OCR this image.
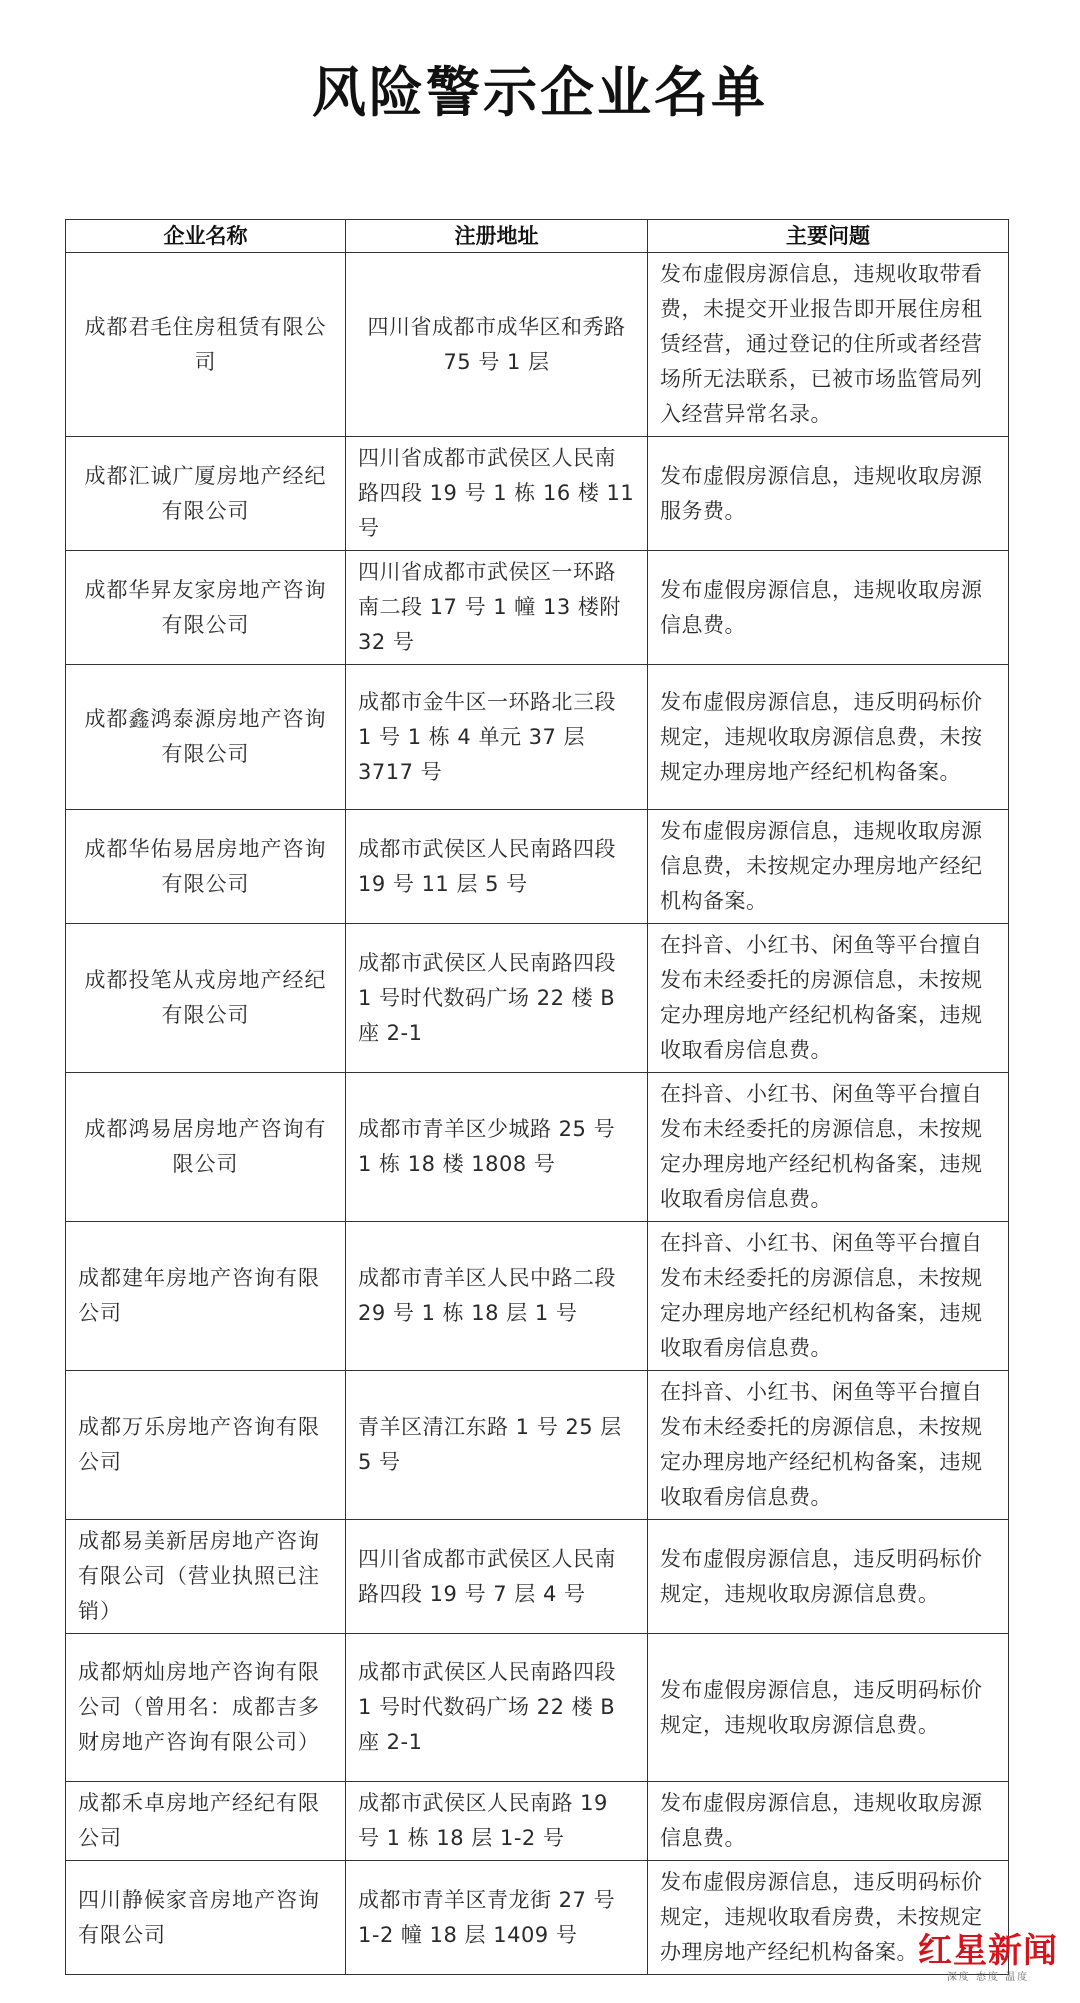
风险警示企业名单
企业名称	注册地址	主要问题
成都君毛住房租赁有限公司	四川省成都市成华区和秀路 75 号 1 层	发布虚假房源信息，违规收取带看费，未提交开业报告即开展住房租赁经营，通过登记的住所或者经营场所无法联系，已被市场监管局列入经营异常名录。
成都汇诚广厦房地产经纪有限公司	四川省成都市武侯区人民南路四段 19 号 1 栋 16 楼 11 号	发布虚假房源信息，违规收取房源服务费。
成都华昇友家房地产咨询有限公司	四川省成都市武侯区一环路南二段 17 号 1 幢 13 楼附 32 号	发布虚假房源信息，违规收取房源信息费。
成都鑫鸿泰源房地产咨询有限公司	成都市金牛区一环路北三段 1 号 1 栋 4 单元 37 层 3717 号	发布虚假房源信息，违反明码标价规定，违规收取房源信息费，未按规定办理房地产经纪机构备案。
成都华佑易居房地产咨询有限公司	成都市武侯区人民南路四段 19 号 11 层 5 号	发布虚假房源信息，违规收取房源信息费，未按规定办理房地产经纪机构备案。
成都投笔从戎房地产经纪有限公司	成都市武侯区人民南路四段 1 号时代数码广场 22 楼 B 座 2-1	在抖音、小红书、闲鱼等平台擅自发布未经委托的房源信息，未按规定办理房地产经纪机构备案，违规收取看房信息费。
成都鸿易居房地产咨询有限公司	成都市青羊区少城路 25 号 1 栋 18 楼 1808 号	在抖音、小红书、闲鱼等平台擅自发布未经委托的房源信息，未按规定办理房地产经纪机构备案，违规收取看房信息费。
成都建年房地产咨询有限公司	成都市青羊区人民中路二段 29 号 1 栋 18 层 1 号	在抖音、小红书、闲鱼等平台擅自发布未经委托的房源信息，未按规定办理房地产经纪机构备案，违规收取看房信息费。
成都万乐房地产咨询有限公司	青羊区清江东路 1 号 25 层 5 号	在抖音、小红书、闲鱼等平台擅自发布未经委托的房源信息，未按规定办理房地产经纪机构备案，违规收取看房信息费。
成都易美新居房地产咨询有限公司（营业执照已注销）	四川省成都市武侯区人民南路四段 19 号 7 层 4 号	发布虚假房源信息，违反明码标价规定，违规收取房源信息费。
成都炳灿房地产咨询有限公司（曾用名：成都吉多财房地产咨询有限公司）	成都市武侯区人民南路四段 1 号时代数码广场 22 楼 B 座 2-1	发布虚假房源信息，违反明码标价规定，违规收取房源信息费。
成都禾卓房地产经纪有限公司	成都市武侯区人民南路 19 号 1 栋 18 层 1-2 号	发布虚假房源信息，违规收取房源信息费。
四川静候家音房地产咨询有限公司	成都市青羊区青龙街 27 号 1-2 幢 18 层 1409 号	发布虚假房源信息，违反明码标价规定，违规收取看房费，未按规定办理房地产经纪机构备案。 红星新闻
深度 态度 温度
